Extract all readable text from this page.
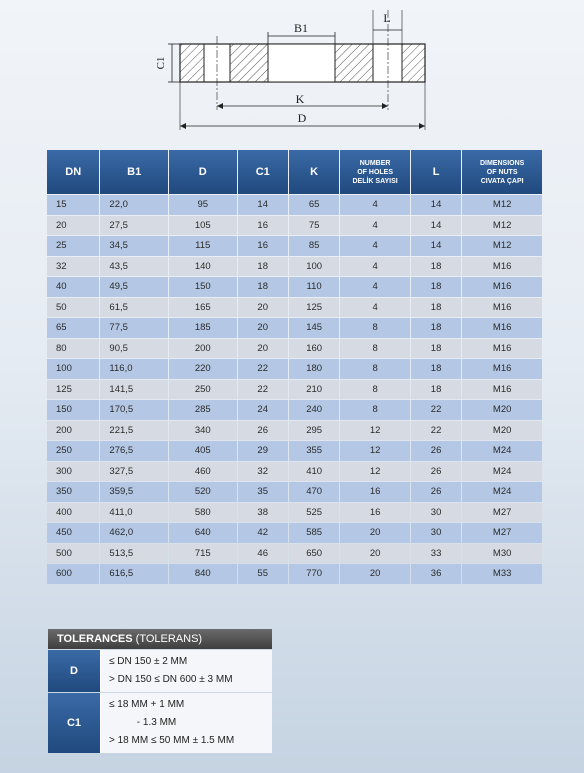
B1
L
C1
K
D
DN	B1	D	C1	K	NUMBER
OF HOLES
DELİK SAYISI	L	DIMENSIONS
OF NUTS
CIVATA ÇAPI
15	22,0	95	14	65	4	14	M12
20	27,5	105	16	75	4	14	M12
25	34,5	115	16	85	4	14	M12
32	43,5	140	18	100	4	18	M16
40	49,5	150	18	110	4	18	M16
50	61,5	165	20	125	4	18	M16
65	77,5	185	20	145	8	18	M16
80	90,5	200	20	160	8	18	M16
100	116,0	220	22	180	8	18	M16
125	141,5	250	22	210	8	18	M16
150	170,5	285	24	240	8	22	M20
200	221,5	340	26	295	12	22	M20
250	276,5	405	29	355	12	26	M24
300	327,5	460	32	410	12	26	M24
350	359,5	520	35	470	16	26	M24
400	411,0	580	38	525	16	30	M27
450	462,0	640	42	585	20	30	M27
500	513,5	715	46	650	20	33	M30
600	616,5	840	55	770	20	36	M33
TOLERANCES (TOLERANS)
D
≤ DN 150 ± 2 MM
> DN 150 ≤ DN 600 ± 3 MM
C1
≤ 18 MM + 1 MM
- 1.3 MM
> 18 MM ≤ 50 MM ± 1.5 MM
